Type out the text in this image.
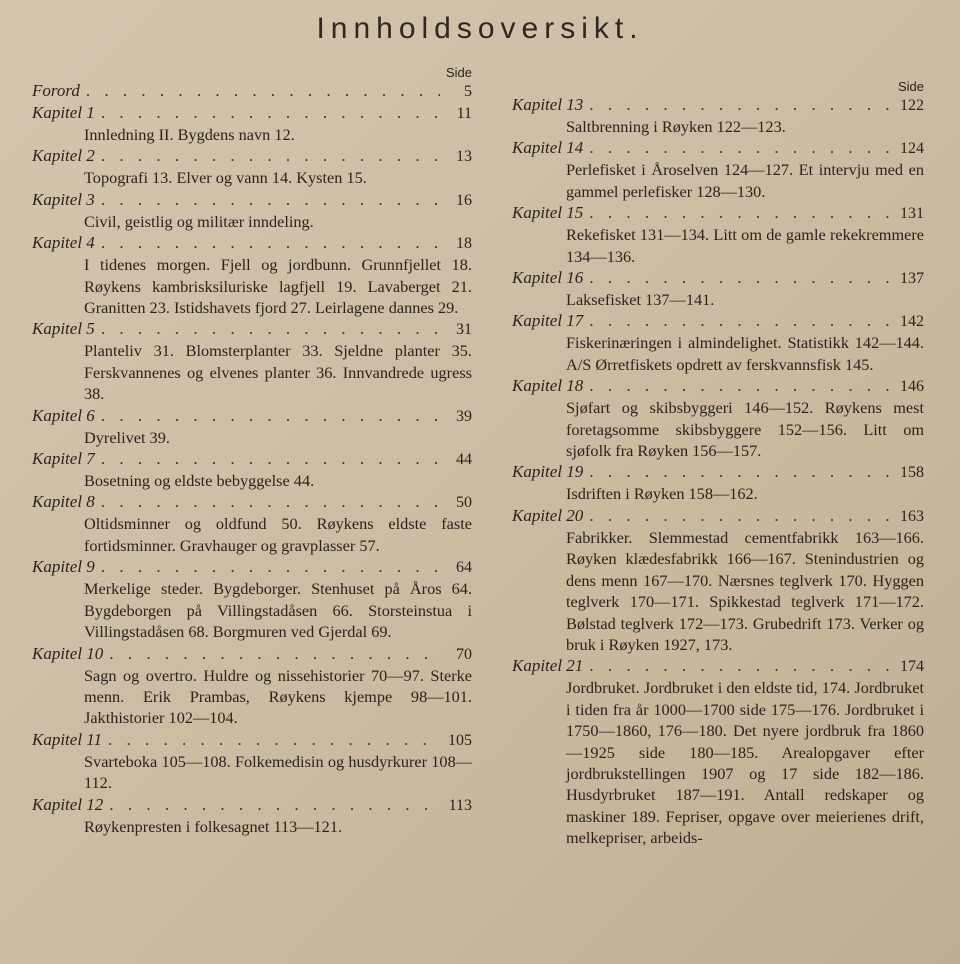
Innholdsoversikt.
Side
Forord . . .	5
Kapitel 1 . . .	11
Innledning II. Bygdens navn 12.
Kapitel 2 . . .	13
Topografi 13. Elver og vann 14. Kysten 15.
Kapitel 3 . . .	16
Civil, geistlig og militær inndeling.
Kapitel 4 . . .	18
I tidenes morgen. Fjell og jordbunn. Grunnfjellet 18. Røykens kambrisksiluriske lagfjell 19. Lavaberget 21. Granitten 23. Istidshavets fjord 27. Leirlagene dannes 29.
Kapitel 5 . . .	31
Planteliv 31. Blomsterplanter 33. Sjeldne planter 35. Ferskvannenes og elvenes planter 36. Innvandrede ugress 38.
Kapitel 6 . . .	39
Dyrelivet 39.
Kapitel 7 . . .	44
Bosetning og eldste bebyggelse 44.
Kapitel 8 . . .	50
Oltidsminner og oldfund 50. Røykens eldste faste fortidsminner. Gravhauger og gravplasser 57.
Kapitel 9 . . .	64
Merkelige steder. Bygdeborger. Stenhuset på Åros 64. Bygdeborgen på Villingstadåsen 66. Storsteinstua i Villingstadåsen 68. Borgmuren ved Gjerdal 69.
Kapitel 10 . . .	70
Sagn og overtro. Huldre og nissehistorier 70—97. Sterke menn. Erik Prambas, Røykens kjempe 98—101. Jakthistorier 102—104.
Kapitel 11 . . .	105
Svarteboka 105—108. Folkemedisin og husdyrkurer 108—112.
Kapitel 12 . . .	113
Røykenpresten i folkesagnet 113—121.
Side
Kapitel 13 . . .	122
Saltbrenning i Røyken 122—123.
Kapitel 14 . . .	124
Perlefisket i Åroselven 124—127. Et intervju med en gammel perlefisker 128—130.
Kapitel 15 . . .	131
Rekefisket 131—134. Litt om de gamle rekekremmere 134—136.
Kapitel 16 . . .	137
Laksefisket 137—141.
Kapitel 17 . . .	142
Fiskerinæringen i almindelighet. Statistikk 142—144. A/S Ørretfiskets opdrett av ferskvannsfisk 145.
Kapitel 18 . . .	146
Sjøfart og skibsbyggeri 146—152. Røykens mest foretagsomme skibsbyggere 152—156. Litt om sjøfolk fra Røyken 156—157.
Kapitel 19 . . .	158
Isdriften i Røyken 158—162.
Kapitel 20 . . .	163
Fabrikker. Slemmestad cementfabrikk 163—166. Røyken klædesfabrikk 166—167. Stenindustrien og dens menn 167—170. Nærsnes teglverk 170. Hyggen teglverk 170—171. Spikkestad teglverk 171—172. Bølstad teglverk 172—173. Grubedrift 173. Verker og bruk i Røyken 1927, 173.
Kapitel 21 . . .	174
Jordbruket. Jordbruket i den eldste tid, 174. Jordbruket i tiden fra år 1000—1700 side 175—176. Jordbruket i 1750—1860, 176—180. Det nyere jordbruk fra 1860—1925 side 180—185. Arealopgaver efter jordbrukstellingen 1907 og 17 side 182—186. Husdyrbruket 187—191. Antall redskaper og maskiner 189. Fepriser, opgave over meierienes drift, melkepriser, arbeids-
